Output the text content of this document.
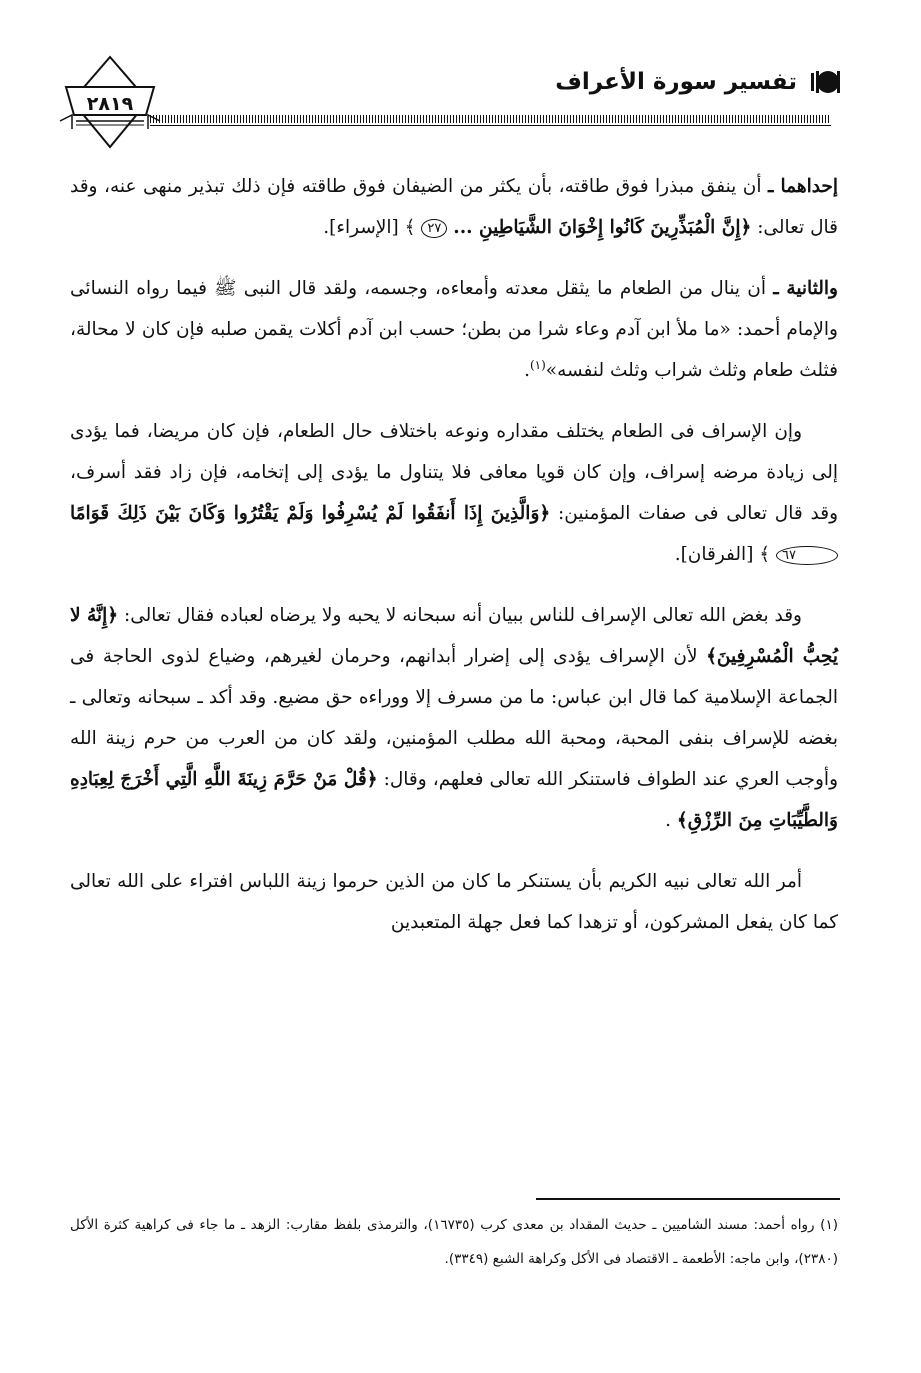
تفسير سورة الأعراف
٢٨١٩
إحداهما ـ أن ينفق مبذرا فوق طاقته، بأن يكثر من الضيفان فوق طاقته فإن ذلك تبذير منهى عنه، وقد قال تعالى: ﴿إِنَّ الْمُبَذِّرِينَ كَانُوا إِخْوَانَ الشَّيَاطِينِ ... ٢٧ ﴾ [الإسراء].
والثانية ـ أن ينال من الطعام ما يثقل معدته وأمعاءه، وجسمه، ولقد قال النبى ﷺ فيما رواه النسائى والإمام أحمد: «ما ملأ ابن آدم وعاء شرا من بطن؛ حسب ابن آدم أكلات يقمن صلبه فإن كان لا محالة، فثلث طعام وثلث شراب وثلث لنفسه»$^{(١)}$.
وإن الإسراف فى الطعام يختلف مقداره ونوعه باختلاف حال الطعام، فإن كان مريضا، فما يؤدى إلى زيادة مرضه إسراف، وإن كان قويا معافى فلا يتناول ما يؤدى إلى إتخامه، فإن زاد فقد أسرف، وقد قال تعالى فى صفات المؤمنين: ﴿وَالَّذِينَ إِذَا أَنفَقُوا لَمْ يُسْرِفُوا وَلَمْ يَقْتُرُوا وَكَانَ بَيْنَ ذَلِكَ قَوَامًا ٦٧ ﴾ [الفرقان].
وقد بغض الله تعالى الإسراف للناس ببيان أنه سبحانه لا يحبه ولا يرضاه لعباده فقال تعالى: ﴿إِنَّهُ لا يُحِبُّ الْمُسْرِفِينَ﴾ لأن الإسراف يؤدى إلى إضرار أبدانهم، وحرمان لغيرهم، وضياع لذوى الحاجة فى الجماعة الإسلامية كما قال ابن عباس: ما من مسرف إلا ووراءه حق مضيع. وقد أكد ـ سبحانه وتعالى ـ بغضه للإسراف بنفى المحبة، ومحبة الله مطلب المؤمنين، ولقد كان من العرب من حرم زينة الله وأوجب العري عند الطواف فاستنكر الله تعالى فعلهم، وقال: ﴿قُلْ مَنْ حَرَّمَ زِينَةَ اللَّهِ الَّتِي أَخْرَجَ لِعِبَادِهِ وَالطَّيِّبَاتِ مِنَ الرِّزْقِ﴾ .
أمر الله تعالى نبيه الكريم بأن يستنكر ما كان من الذين حرموا زينة اللباس افتراء على الله تعالى كما كان يفعل المشركون، أو تزهدا كما فعل جهلة المتعبدين
(١) رواه أحمد: مسند الشاميين ـ حديث المقداد بن معدى كرب (١٦٧٣٥)، والترمذى بلفظ مقارب: الزهد ـ ما جاء فى كراهية كثرة الأكل (٢٣٨٠)، وابن ماجه: الأطعمة ـ الاقتصاد فى الأكل وكراهة الشبع (٣٣٤٩).
